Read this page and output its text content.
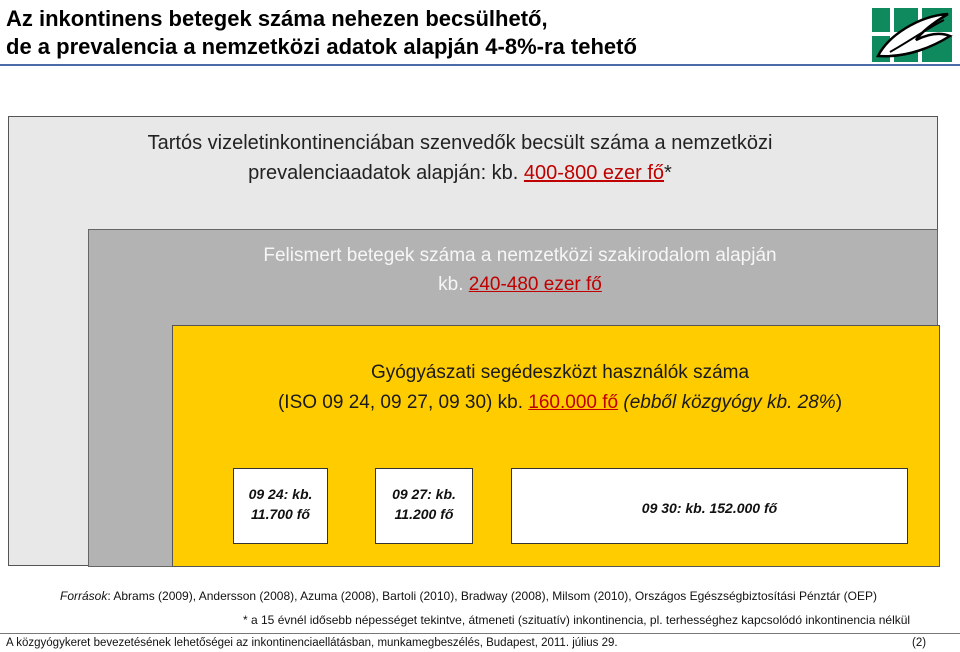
Az inkontinens betegek száma nehezen becsülhető,
de a prevalencia a nemzetközi adatok alapján 4-8%-ra tehető
Tartós vizeletinkontinenciában szenvedők becsült száma a nemzetközi
prevalenciaadatok alapján: kb. 400-800 ezer fő*
Felismert betegek száma a nemzetközi szakirodalom alapján
kb. 240-480 ezer fő
Gyógyászati segédeszközt használók száma
(ISO 09 24, 09 27, 09 30) kb. 160.000 fő (ebből közgyógy kb. 28%)
09 24: kb.
11.700 fő
09 27: kb.
11.200 fő	09 30: kb. 152.000 fő
Források: Abrams (2009), Andersson (2008), Azuma (2008), Bartoli (2010), Bradway (2008), Milsom (2010), Országos Egészségbiztosítási Pénztár (OEP)
* a 15 évnél idősebb népességet tekintve, átmeneti (szituatív) inkontinencia, pl. terhességhez kapcsolódó inkontinencia nélkül
A közgyógykeret bevezetésének lehetőségei az inkontinenciaellátásban, munkamegbeszélés, Budapest, 2011. július 29.	(2)
